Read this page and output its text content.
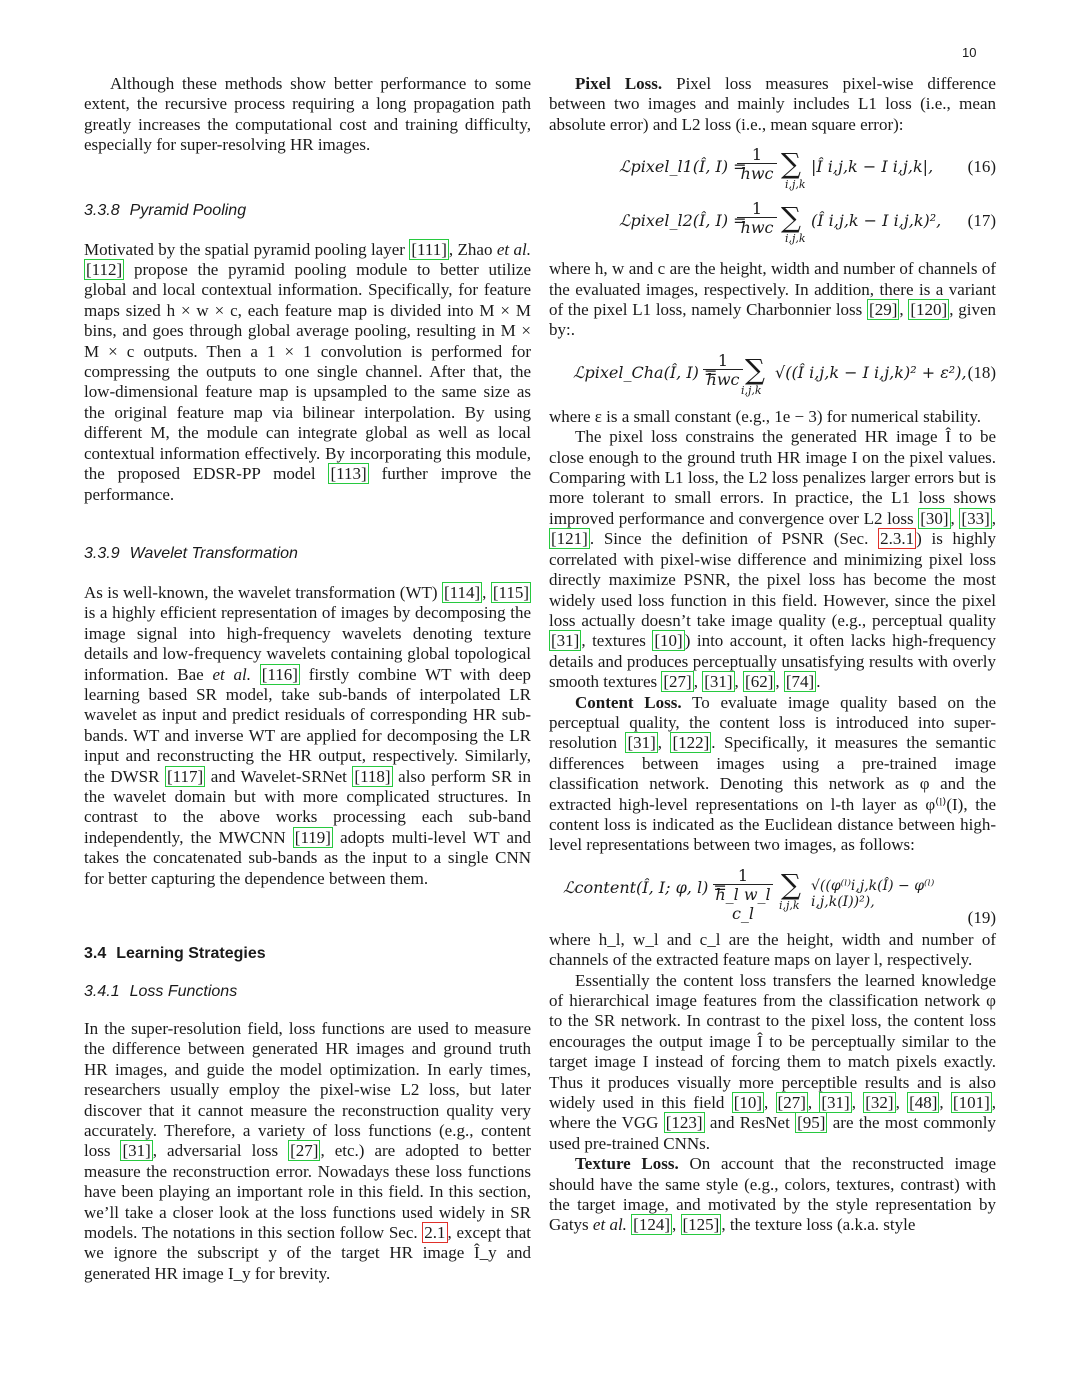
10

Although these methods show better performance to some extent, the recursive process requiring a long propagation path greatly increases the computational cost and training difficulty, especially for super-resolving HR images.

3.3.8 Pyramid Pooling

Motivated by the spatial pyramid pooling layer [111] , Zhao et al. [112] propose the pyramid pooling module to better utilize global and local contextual information. Specifically, for feature maps sized h × w × c, each feature map is divided into M × M bins, and goes through global average pooling, resulting in M × M × c outputs. Then a 1 × 1 convolution is performed for compressing the outputs to one single channel. After that, the low-dimensional feature map is upsampled to the same size as the original feature map via bilinear interpolation. By using different M, the module can integrate global as well as local contextual information effectively. By incorporating this module, the proposed EDSR-PP model [113] further improve the performance.

3.3.9 Wavelet Transformation

As is well-known, the wavelet transformation (WT) [114] , [115] is a highly efficient representation of images by decomposing the image signal into high-frequency wavelets denoting texture details and low-frequency wavelets containing global topological information. Bae et al. [116] firstly combine WT with deep learning based SR model, take sub-bands of interpolated LR wavelet as input and predict residuals of corresponding HR sub-bands. WT and inverse WT are applied for decomposing the LR input and reconstructing the HR output, respectively. Similarly, the DWSR [117] and Wavelet-SRNet [118] also perform SR in the wavelet domain but with more complicated structures. In contrast to the above works processing each sub-band independently, the MWCNN [119] adopts multi-level WT and takes the concatenated sub-bands as the input to a single CNN for better capturing the dependence between them.

3.4 Learning Strategies
3.4.1 Loss Functions

In the super-resolution field, loss functions are used to measure the difference between generated HR images and ground truth HR images, and guide the model optimization. In early times, researchers usually employ the pixel-wise L2 loss, but later discover that it cannot measure the reconstruction quality very accurately. Therefore, a variety of loss functions (e.g., content loss [31] , adversarial loss [27] , etc.) are adopted to better measure the reconstruction error. Nowadays these loss functions have been playing an important role in this field. In this section, we’ll take a closer look at the loss functions used widely in SR models. The notations in this section follow Sec. 2.1 , except that we ignore the subscript y of the target HR image Î_y and generated HR image I_y for brevity.

Pixel Loss. Pixel loss measures pixel-wise difference between two images and mainly includes L1 loss (i.e., mean absolute error) and L2 loss (i.e., mean square error):

ℒpixel_l1(Î, I) =
1
hwc ∑
i,j,k
|Î i,j,k − I i,j,k|, (16)
ℒpixel_l2(Î, I) =
1
hwc ∑
i,j,k
(Î i,j,k − I i,j,k)², (17)

where h, w and c are the height, width and number of channels of the evaluated images, respectively. In addition, there is a variant of the pixel L1 loss, namely Charbonnier loss [29] , [120] , given by:.

ℒpixel_Cha(Î, I) =
1
hwc ∑
i,j,k
√((Î i,j,k − I i,j,k)² + ε²), (18)

where ε is a small constant (e.g., 1e − 3) for numerical stability.

The pixel loss constrains the generated HR image Î to be close enough to the ground truth HR image I on the pixel values. Comparing with L1 loss, the L2 loss penalizes larger errors but is more tolerant to small errors. In practice, the L1 loss shows improved performance and convergence over L2 loss [30] , [33] , [121] . Since the definition of PSNR (Sec. 2.3.1 ) is highly correlated with pixel-wise difference and minimizing pixel loss directly maximize PSNR, the pixel loss has become the most widely used loss function in this field. However, since the pixel loss actually doesn’t take image quality (e.g., perceptual quality [31] , textures [10] ) into account, it often lacks high-frequency details and produces perceptually unsatisfying results with overly smooth textures [27] , [31] , [62] , [74] .

Content Loss. To evaluate image quality based on the perceptual quality, the content loss is introduced into super-resolution [31] , [122] . Specifically, it measures the semantic differences between images using a pre-trained image classification network. Denoting this network as φ and the extracted high-level representations on l-th layer as φ⁽ˡ⁾(I), the content loss is indicated as the Euclidean distance between high-level representations between two images, as follows:

ℒcontent(Î, I; φ, l) =
1
h_l w_l c_l
∑
i,j,k
√((φ⁽ˡ⁾i,j,k(Î) − φ⁽ˡ⁾i,j,k(I))²),
(19)

where h_l, w_l and c_l are the height, width and number of channels of the extracted feature maps on layer l, respectively.

Essentially the content loss transfers the learned knowledge of hierarchical image features from the classification network φ to the SR network. In contrast to the pixel loss, the content loss encourages the output image Î to be perceptually similar to the target image I instead of forcing them to match pixels exactly. Thus it produces visually more perceptible results and is also widely used in this field [10] , [27] , [31] , [32] , [48] , [101] , where the VGG [123] and ResNet [95] are the most commonly used pre-trained CNNs.

Texture Loss. On account that the reconstructed image should have the same style (e.g., colors, textures, contrast) with the target image, and motivated by the style representation by Gatys et al. [124] , [125] , the texture loss (a.k.a. style
